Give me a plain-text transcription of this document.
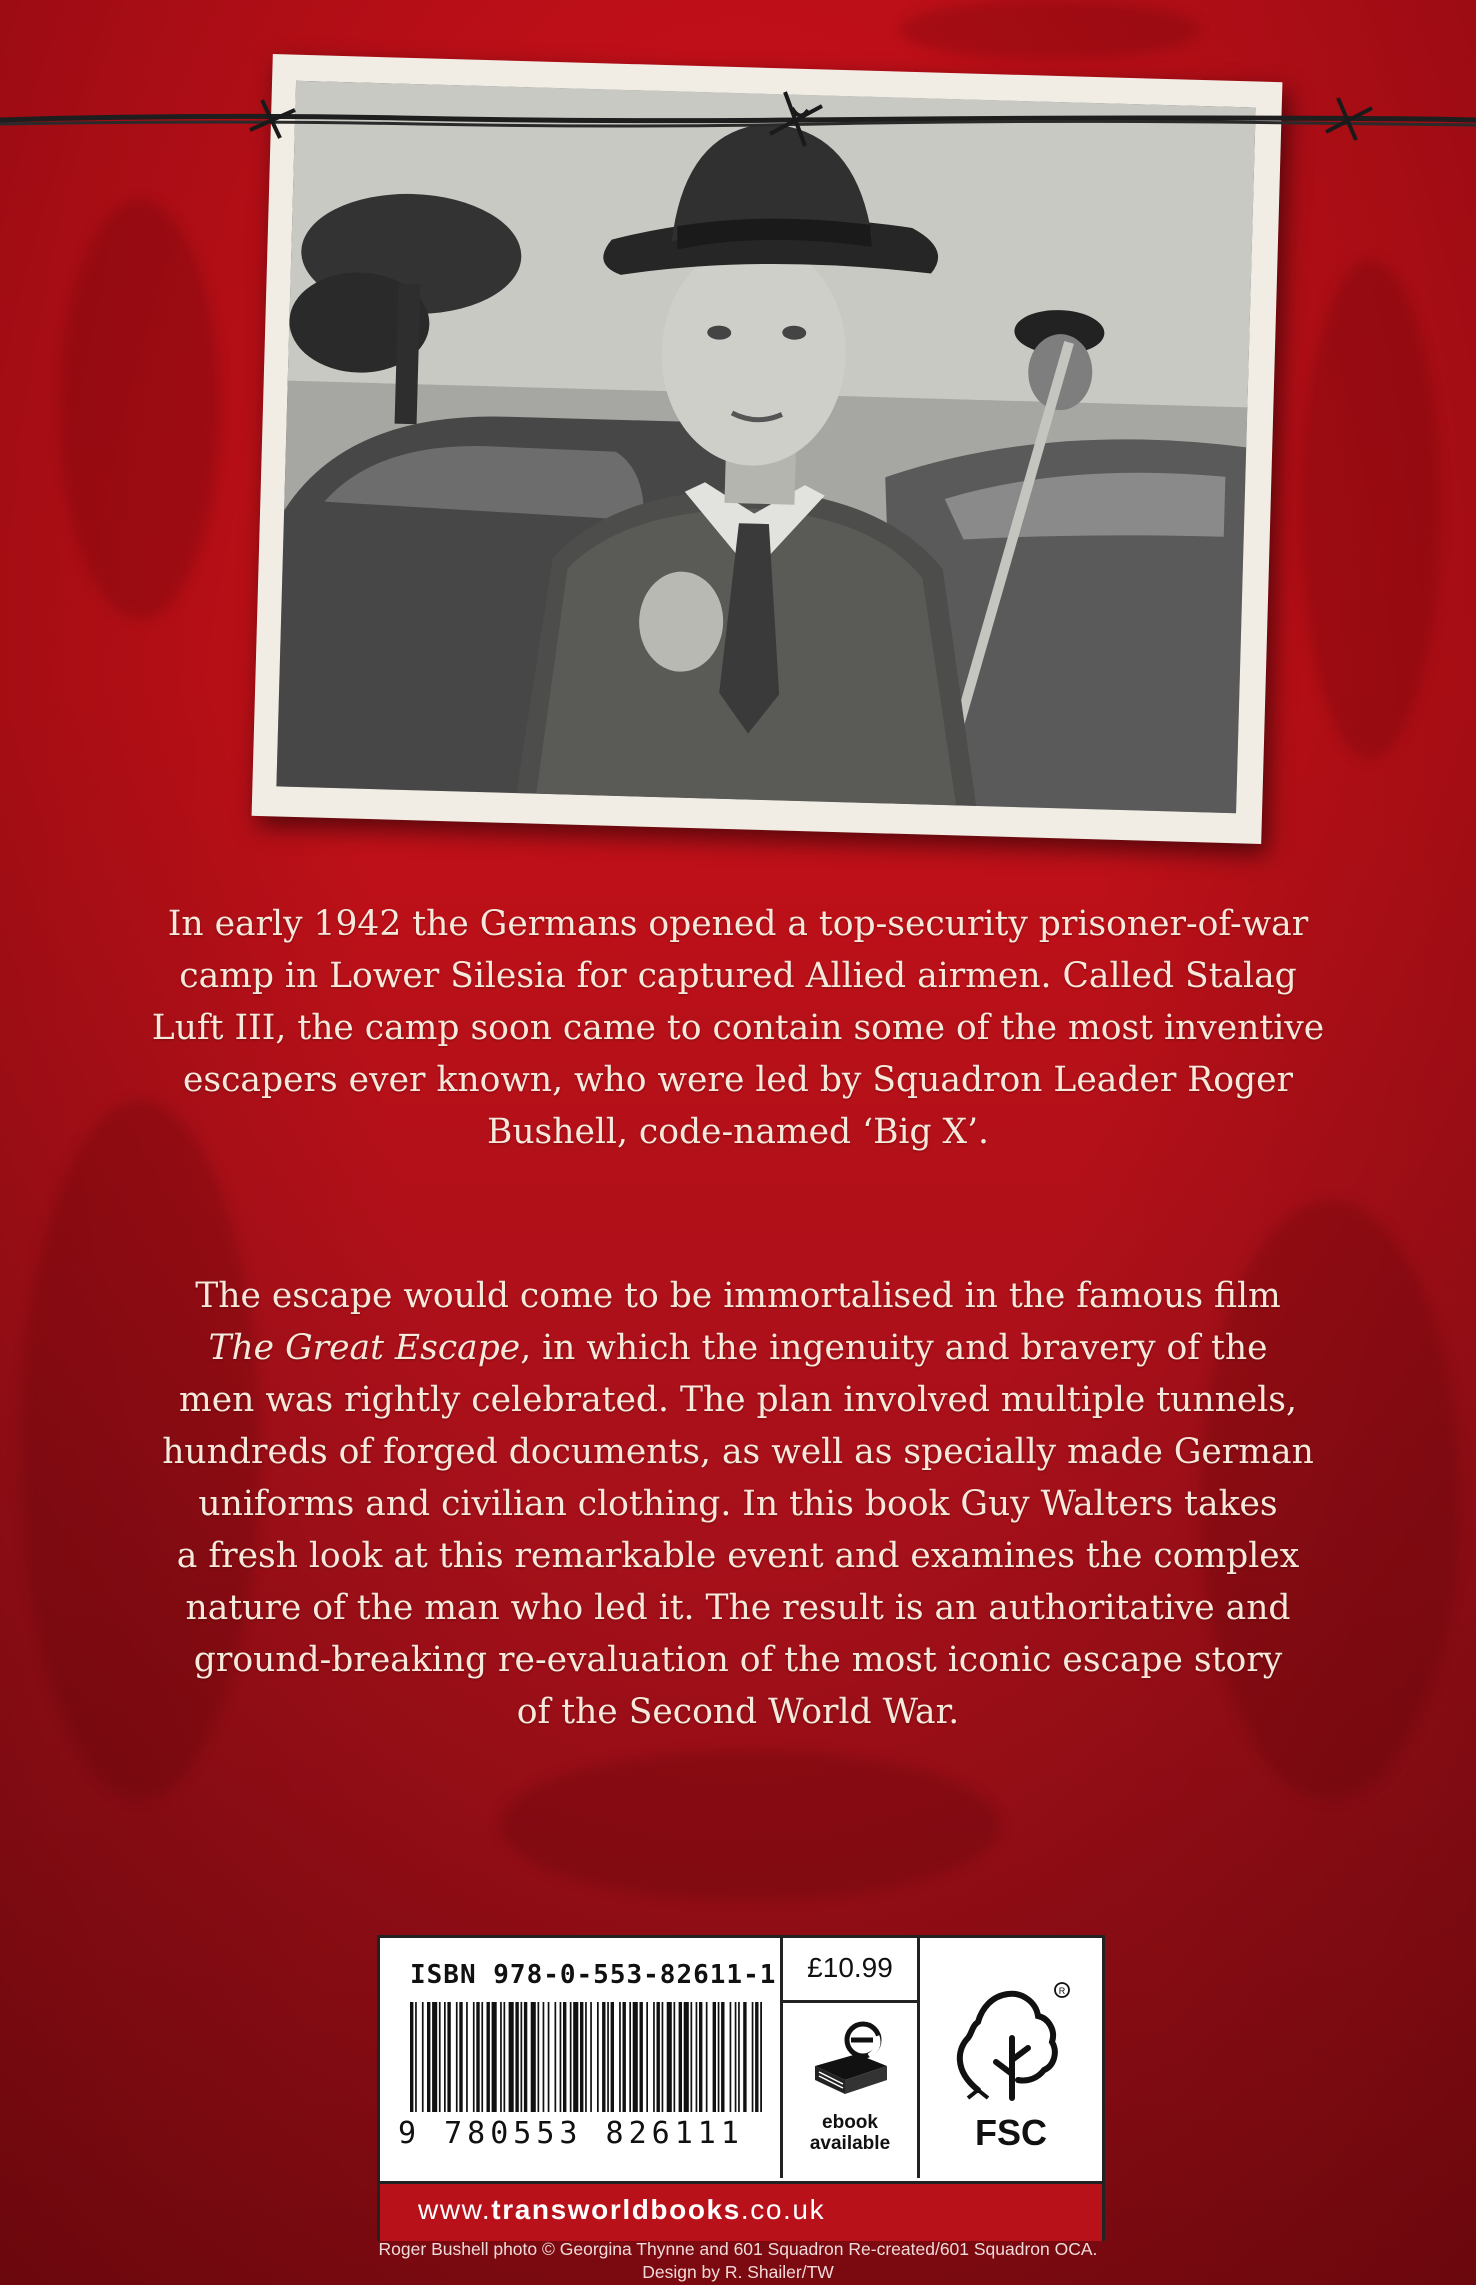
In early 1942 the Germans opened a top-security prisoner-of-war
camp in Lower Silesia for captured Allied airmen. Called Stalag
Luft III, the camp soon came to contain some of the most inventive
escapers ever known, who were led by Squadron Leader Roger
Bushell, code-named ‘Big X’.
The escape would come to be immortalised in the famous film
The Great Escape, in which the ingenuity and bravery of the
men was rightly celebrated. The plan involved multiple tunnels,
hundreds of forged documents, as well as specially made German
uniforms and civilian clothing. In this book Guy Walters takes
a fresh look at this remarkable event and examines the complex
nature of the man who led it. The result is an authoritative and
ground-breaking re-evaluation of the most iconic escape story
of the Second World War.
ISBN 978-0-553-82611-1
9 780553 826111
£10.99
ebook
available
R
FSC
www.transworldbooks.co.uk
Roger Bushell photo © Georgina Thynne and 601 Squadron Re-created/601 Squadron OCA.
Design by R. Shailer/TW
